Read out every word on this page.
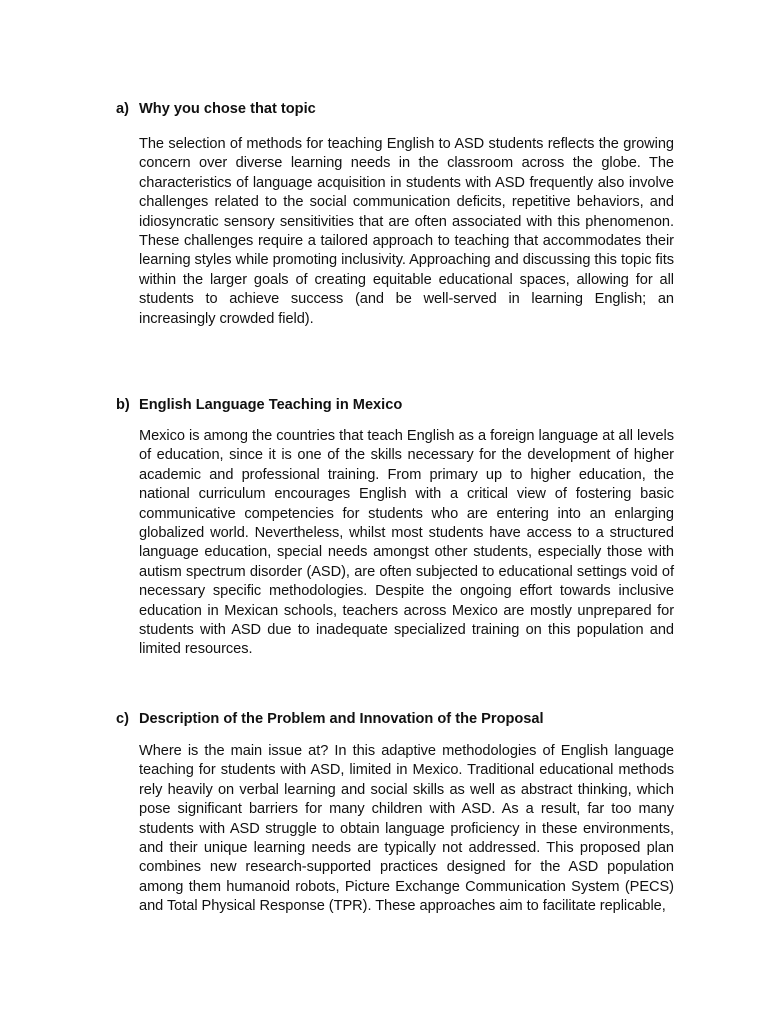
a) Why you chose that topic

The selection of methods for teaching English to ASD students reflects the growing concern over diverse learning needs in the classroom across the globe. The characteristics of language acquisition in students with ASD frequently also involve challenges related to the social communication deficits, repetitive behaviors, and idiosyncratic sensory sensitivities that are often associated with this phenomenon. These challenges require a tailored approach to teaching that accommodates their learning styles while promoting inclusivity. Approaching and discussing this topic fits within the larger goals of creating equitable educational spaces, allowing for all students to achieve success (and be well-served in learning English; an increasingly crowded field).

b) English Language Teaching in Mexico

Mexico is among the countries that teach English as a foreign language at all levels of education, since it is one of the skills necessary for the development of higher academic and professional training. From primary up to higher education, the national curriculum encourages English with a critical view of fostering basic communicative competencies for students who are entering into an enlarging globalized world. Nevertheless, whilst most students have access to a structured language education, special needs amongst other students, especially those with autism spectrum disorder (ASD), are often subjected to educational settings void of necessary specific methodologies. Despite the ongoing effort towards inclusive education in Mexican schools, teachers across Mexico are mostly unprepared for students with ASD due to inadequate specialized training on this population and limited resources.

c) Description of the Problem and Innovation of the Proposal

Where is the main issue at? In this adaptive methodologies of English language teaching for students with ASD, limited in Mexico. Traditional educational methods rely heavily on verbal learning and social skills as well as abstract thinking, which pose significant barriers for many children with ASD. As a result, far too many students with ASD struggle to obtain language proficiency in these environments, and their unique learning needs are typically not addressed. This proposed plan combines new research-supported practices designed for the ASD population among them humanoid robots, Picture Exchange Communication System (PECS) and Total Physical Response (TPR). These approaches aim to facilitate replicable,
